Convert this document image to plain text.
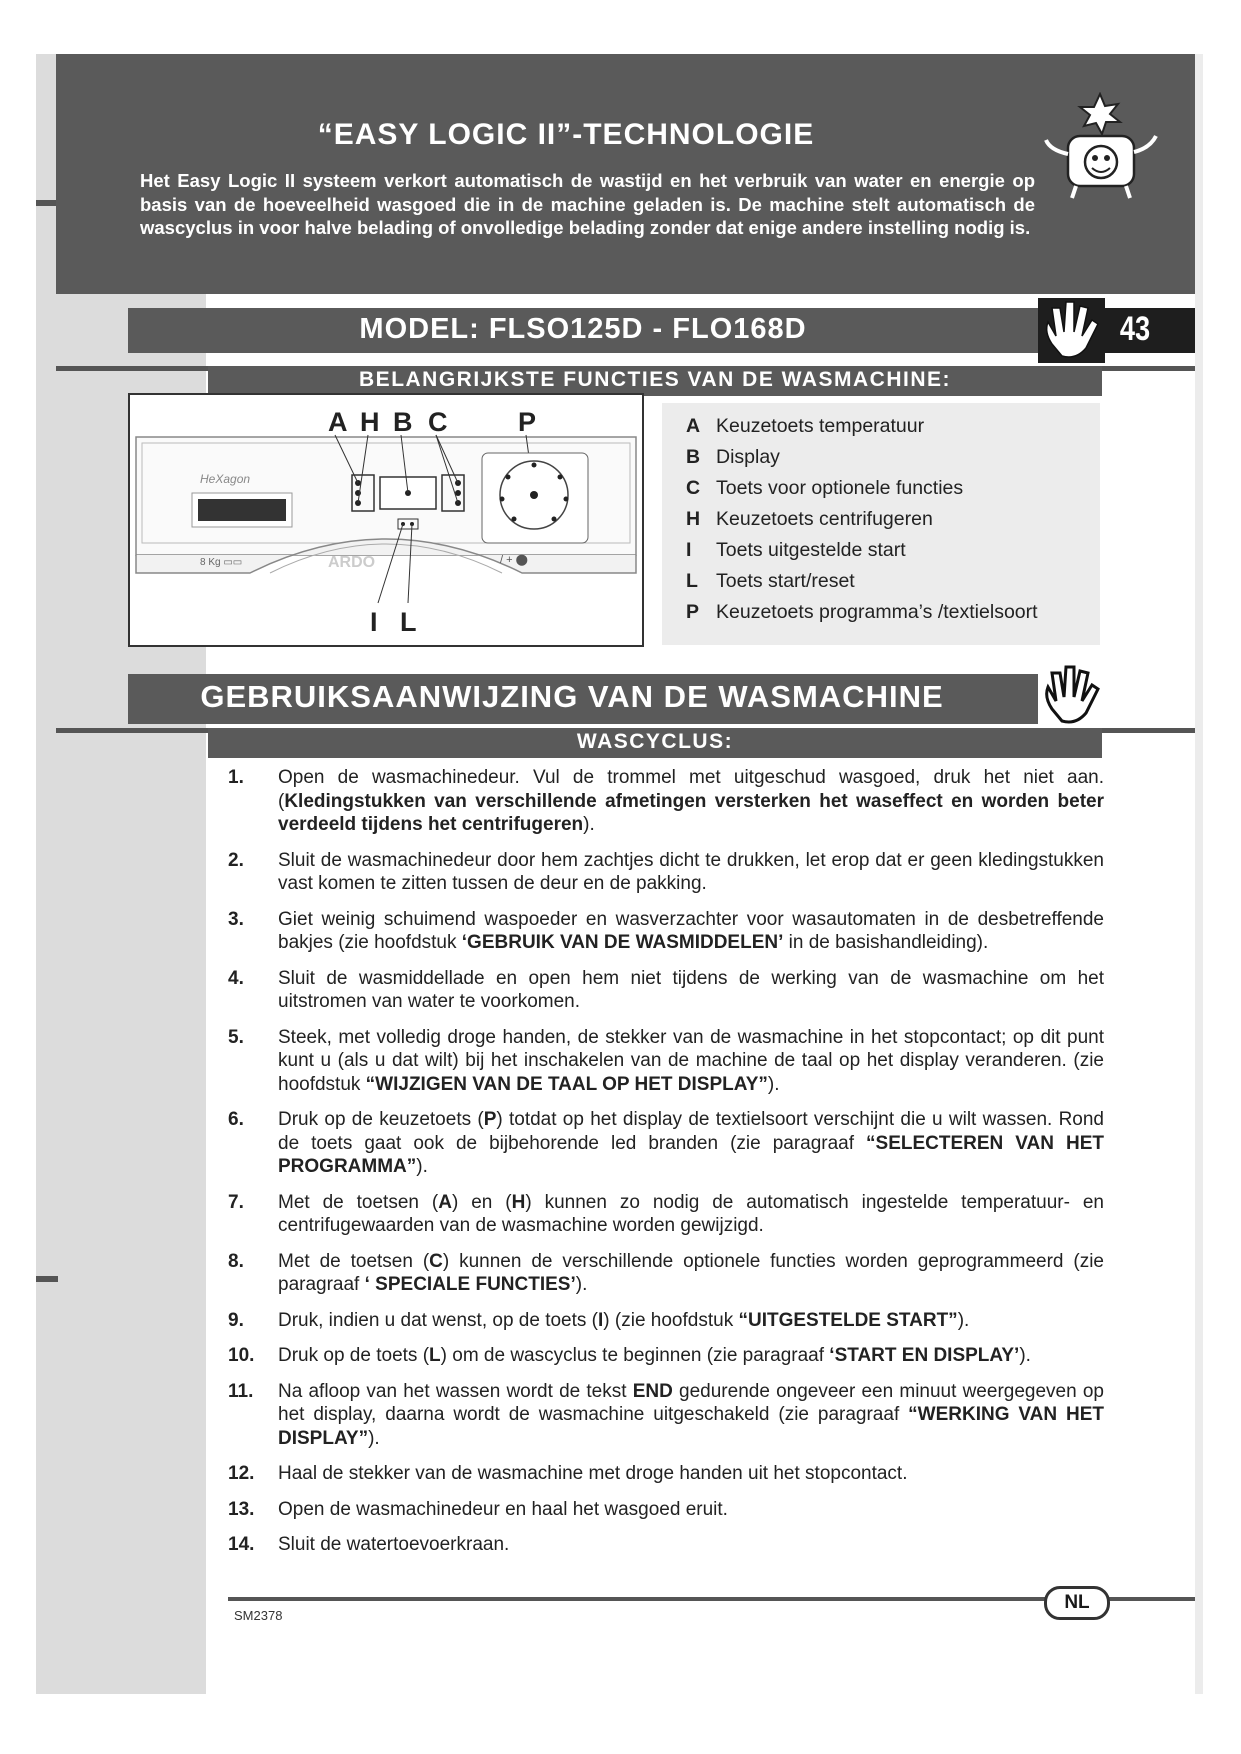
“EASY LOGIC II”-TECHNOLOGIE
Het Easy Logic II systeem verkort automatisch de wastijd en het verbruik van water en energie op basis van de hoeveelheid wasgoed die in de machine geladen is. De machine stelt automatisch de wascyclus in voor halve belading of onvolledige belading zonder dat enige andere instelling nodig is.
MODEL: FLSO125D - FLO168D	43
BELANGRIJKSTE FUNCTIES VAN DE WASMACHINE:
A H B C	P
I L
HeXagon
8 Kg ▭▭	ARDO	/ + ⬤
A Keuzetoets temperatuur
B Display
C Toets voor optionele functies
H Keuzetoets centrifugeren
I Toets uitgestelde start
L Toets start/reset
P Keuzetoets programma’s /textielsoort
GEBRUIKSAANWIJZING VAN DE WASMACHINE
WASCYCLUS:
1. Open de wasmachinedeur. Vul de trommel met uitgeschud wasgoed, druk het niet aan. (Kledingstukken van verschillende afmetingen versterken het waseffect en worden beter verdeeld tijdens het centrifugeren).
2. Sluit de wasmachinedeur door hem zachtjes dicht te drukken, let erop dat er geen kledingstukken vast komen te zitten tussen de deur en de pakking.
3. Giet weinig schuimend waspoeder en wasverzachter voor wasautomaten in de desbetreffende bakjes (zie hoofdstuk ‘GEBRUIK VAN DE WASMIDDELEN’ in de basishandleiding).
4. Sluit de wasmiddellade en open hem niet tijdens de werking van de wasmachine om het uitstromen van water te voorkomen.
5. Steek, met volledig droge handen, de stekker van de wasmachine in het stopcontact; op dit punt kunt u (als u dat wilt) bij het inschakelen van de machine de taal op het display veranderen. (zie hoofdstuk “WIJZIGEN VAN DE TAAL OP HET DISPLAY”).
6. Druk op de keuzetoets (P) totdat op het display de textielsoort verschijnt die u wilt wassen. Rond de toets gaat ook de bijbehorende led branden (zie paragraaf “SELECTEREN VAN HET PROGRAMMA”).
7. Met de toetsen (A) en (H) kunnen zo nodig de automatisch ingestelde temperatuur- en centrifugewaarden van de wasmachine worden gewijzigd.
8. Met de toetsen (C) kunnen de verschillende optionele functies worden geprogrammeerd (zie paragraaf ‘ SPECIALE FUNCTIES’).
9. Druk, indien u dat wenst, op de toets (I) (zie hoofdstuk “UITGESTELDE START”).
10. Druk op de toets (L) om de wascyclus te beginnen (zie paragraaf ‘START EN DISPLAY’).
11. Na afloop van het wassen wordt de tekst END gedurende ongeveer een minuut weergegeven op het display, daarna wordt de wasmachine uitgeschakeld (zie paragraaf “WERKING VAN HET DISPLAY”).
12. Haal de stekker van de wasmachine met droge handen uit het stopcontact.
13. Open de wasmachinedeur en haal het wasgoed eruit.
14. Sluit de watertoevoerkraan.
NL
SM2378
